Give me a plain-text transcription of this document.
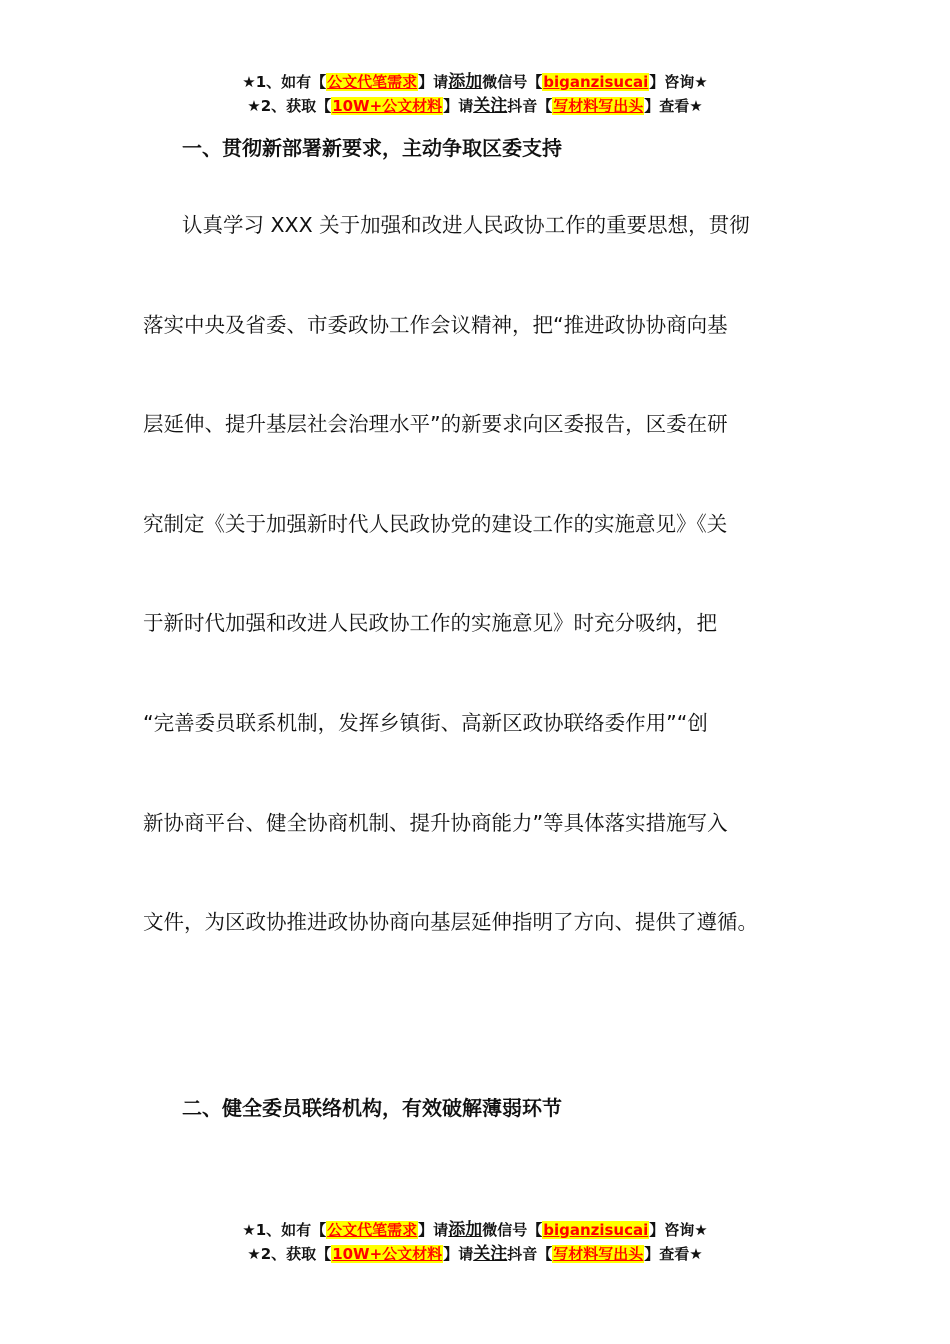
★1、如有【公文代笔需求】请添加微信号【biganzisucai】咨询★
★2、获取【10W+公文材料】请关注抖音【写材料写出头】查看★
一、贯彻新部署新要求，主动争取区委支持
认真学习 XXX 关于加强和改进人民政协工作的重要思想，贯彻
落实中央及省委、市委政协工作会议精神，把“推进政协协商向基
层延伸、提升基层社会治理水平”的新要求向区委报告，区委在研
究制定《关于加强新时代人民政协党的建设工作的实施意见》《关
于新时代加强和改进人民政协工作的实施意见》时充分吸纳，把
“完善委员联系机制，发挥乡镇街、高新区政协联络委作用”“创
新协商平台、健全协商机制、提升协商能力”等具体落实措施写入
文件，为区政协推进政协协商向基层延伸指明了方向、提供了遵循。
二、健全委员联络机构，有效破解薄弱环节
★1、如有【公文代笔需求】请添加微信号【biganzisucai】咨询★
★2、获取【10W+公文材料】请关注抖音【写材料写出头】查看★
